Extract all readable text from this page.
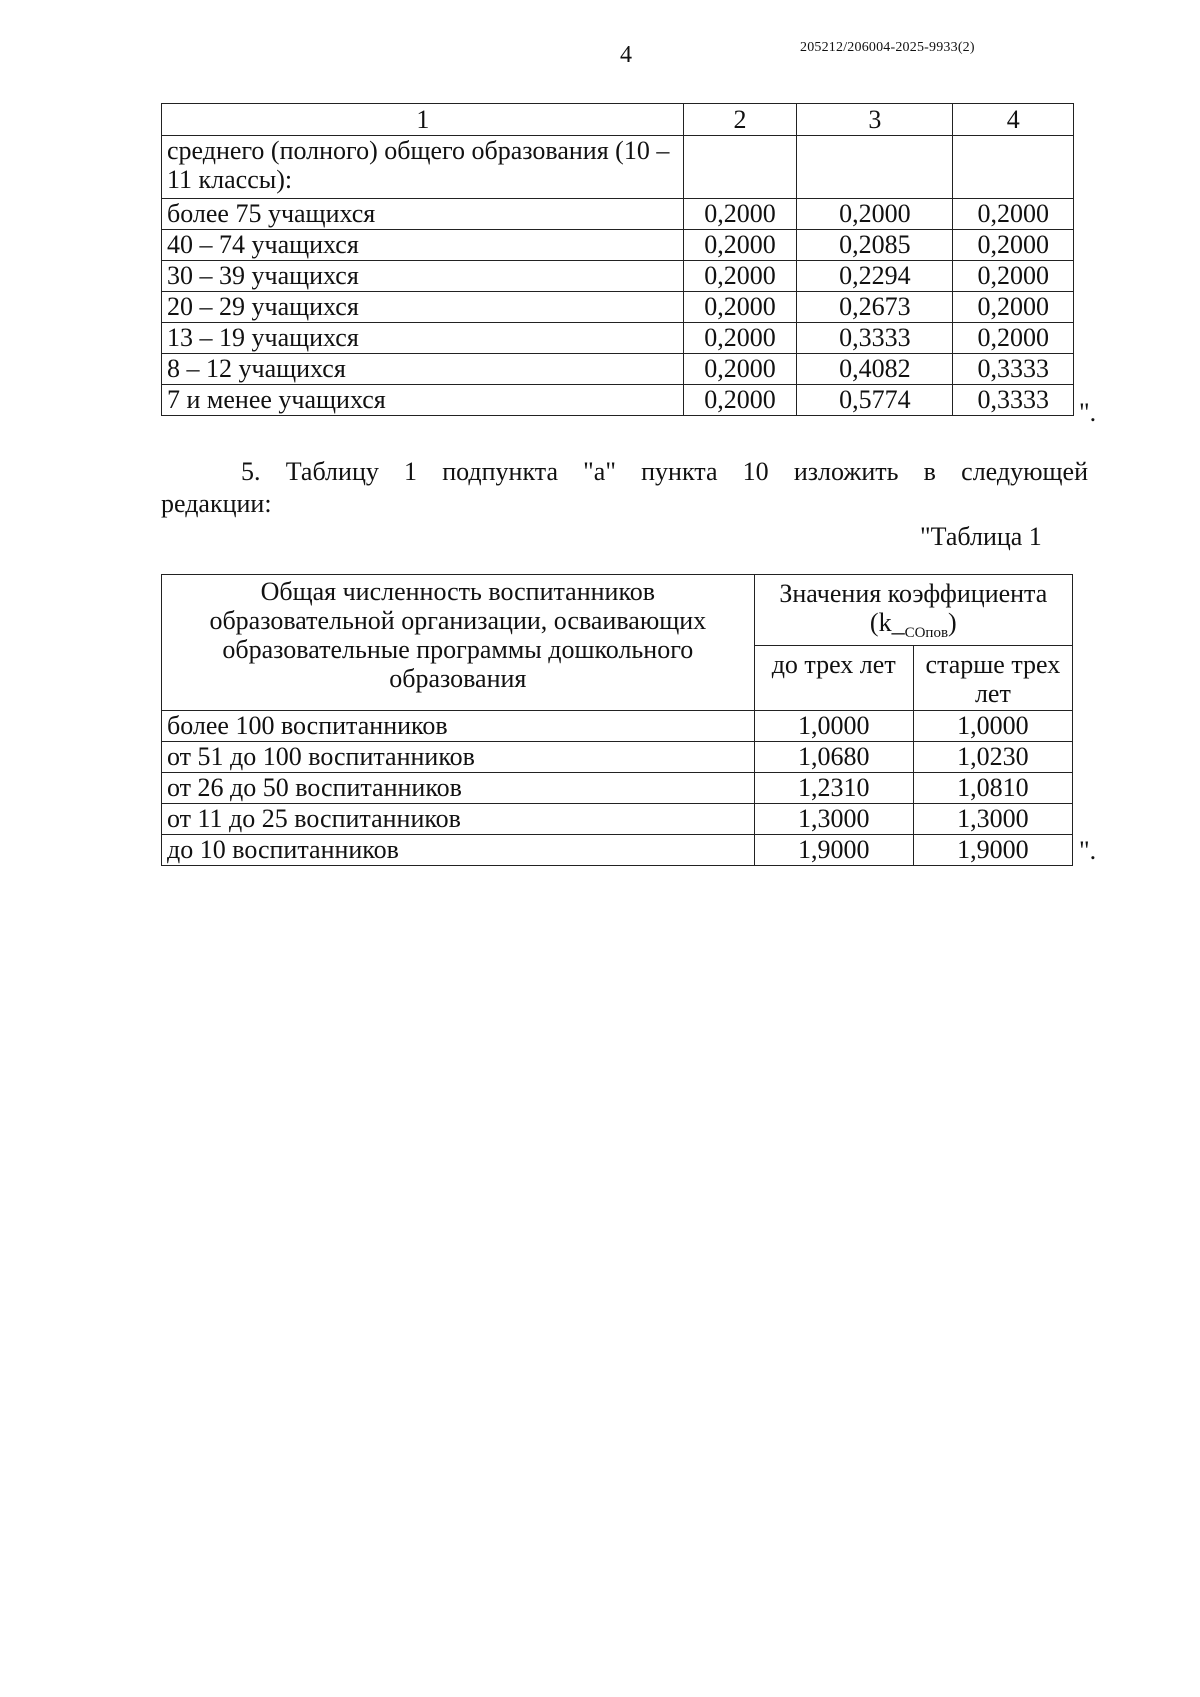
4	205212/206004-2025-9933(2)
1	2	3	4
среднего (полного) общего образования (10 – 11 классы):			
более 75 учащихся	0,2000	0,2000	0,2000
40 – 74 учащихся	0,2000	0,2085	0,2000
30 – 39 учащихся	0,2000	0,2294	0,2000
20 – 29 учащихся	0,2000	0,2673	0,2000
13 – 19 учащихся	0,2000	0,3333	0,2000
8 – 12 учащихся	0,2000	0,4082	0,3333
7 и менее учащихся	0,2000	0,5774	0,3333 ".
5. Таблицу 1 подпункта "а" пункта 10 изложить в следующей редакции:
"Таблица 1
Общая численность воспитанников образовательной организации, осваивающих образовательные программы дошкольного образования	Значения коэффициента
$(k\__{СОпов})$	
	до трех лет	старше трех лет
более 100 воспитанников	1,0000	1,0000
от 51 до 100 воспитанников	1,0680	1,0230
от 26 до 50 воспитанников	1,2310	1,0810
от 11 до 25 воспитанников	1,3000	1,3000
до 10 воспитанников	1,9000	1,9000 ".
